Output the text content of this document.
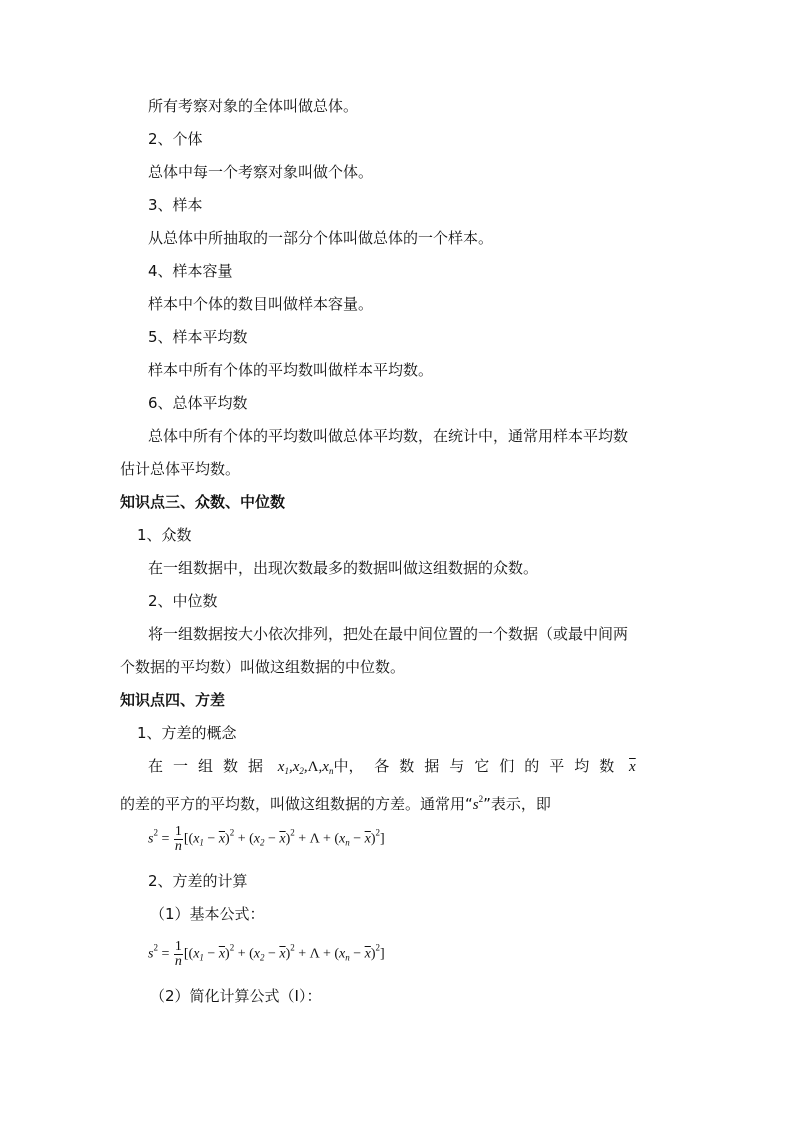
所有考察对象的全体叫做总体。
2、个体
总体中每一个考察对象叫做个体。
3、样本
从总体中所抽取的一部分个体叫做总体的一个样本。
4、样本容量
样本中个体的数目叫做样本容量。
5、样本平均数
样本中所有个体的平均数叫做样本平均数。
6、总体平均数
总体中所有个体的平均数叫做总体平均数，在统计中，通常用样本平均数
估计总体平均数。
知识点三、众数、中位数
1、众数
在一组数据中，出现次数最多的数据叫做这组数据的众数。
2、中位数
将一组数据按大小依次排列，把处在最中间位置的一个数据（或最中间两
个数据的平均数）叫做这组数据的中位数。
知识点四、方差
1、方差的概念
在一组数据 $x_1,x_2,\Lambda,x_n$中， 各数据与它们的平均数 $\overline{x}$
的差的平方的平均数，叫做这组数据的方差。通常用“$s^2$”表示，即
$s^2 = \frac{1}{n} [(x_1 - \overline{x})^2 + (x_2 - \overline{x})^2 + \Lambda + (x_n - \overline{x})^2]$
2、方差的计算
（1）基本公式：
$s^2 = \frac{1}{n} [(x_1 - \overline{x})^2 + (x_2 - \overline{x})^2 + \Lambda + (x_n - \overline{x})^2]$
（2）简化计算公式（Ⅰ）：
